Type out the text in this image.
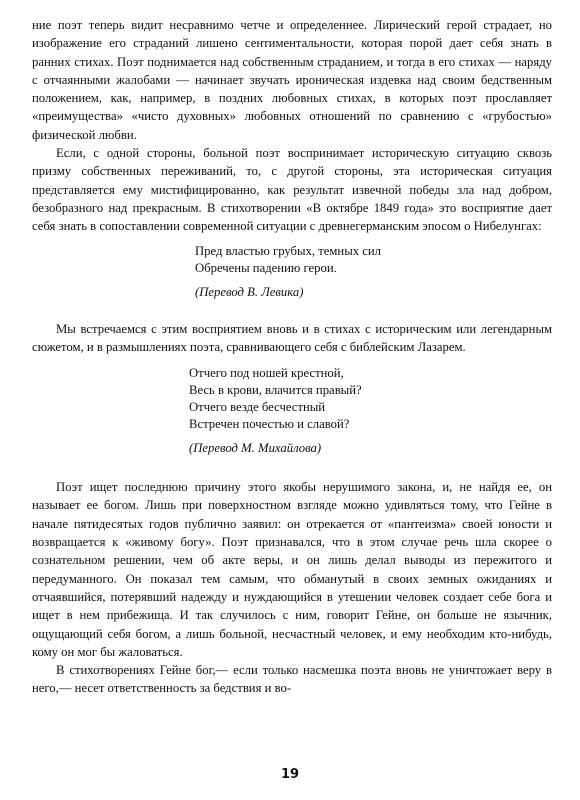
ние поэт теперь видит несравнимо четче и определеннее. Лирический герой страдает, но изображение его страданий лишено сентиментальности, которая порой дает себя знать в ранних стихах. Поэт поднимается над собственным страданием, и тогда в его стихах — наряду с отчаянными жалобами — начинает звучать ироническая издевка над своим бедственным положением, как, например, в поздних любовных стихах, в которых поэт прославляет «преимущества» «чисто духовных» любовных отношений по сравнению с «грубостью» физической любви.

Если, с одной стороны, больной поэт воспринимает историческую ситуацию сквозь призму собственных переживаний, то, с другой стороны, эта историческая ситуация представляется ему мистифицированно, как результат извечной победы зла над добром, безобразного над прекрасным. В стихотворении «В октябре 1849 года» это восприятие дает себя знать в сопоставлении современной ситуации с древнегерманским эпосом о Нибелунгах:

Пред властью грубых, темных сил
Обречены падению герои.
(Перевод В. Левика)

Мы встречаемся с этим восприятием вновь и в стихах с историческим или легендарным сюжетом, и в размышлениях поэта, сравнивающего себя с библейским Лазарем.

Отчего под ношей крестной,
Весь в крови, влачится правый?
Отчего везде бесчестный
Встречен почестью и славой?
(Перевод М. Михайлова)

Поэт ищет последнюю причину этого якобы нерушимого закона, и, не найдя ее, он называет ее богом. Лишь при поверхностном взгляде можно удивляться тому, что Гейне в начале пятидесятых годов публично заявил: он отрекается от «пантеизма» своей юности и возвращается к «живому богу». Поэт признавался, что в этом случае речь шла скорее о сознательном решении, чем об акте веры, и он лишь делал выводы из пережитого и передуманного. Он показал тем самым, что обманутый в своих земных ожиданиях и отчаявшийся, потерявший надежду и нуждающийся в утешении человек создает себе бога и ищет в нем прибежища. И так случилось с ним, говорит Гейне, он больше не язычник, ощущающий себя богом, а лишь больной, несчастный человек, и ему необходим кто-нибудь, кому он мог бы жаловаться.

В стихотворениях Гейне бог,— если только насмешка поэта вновь не уничтожает веру в него,— несет ответственность за бедствия и во-

19
